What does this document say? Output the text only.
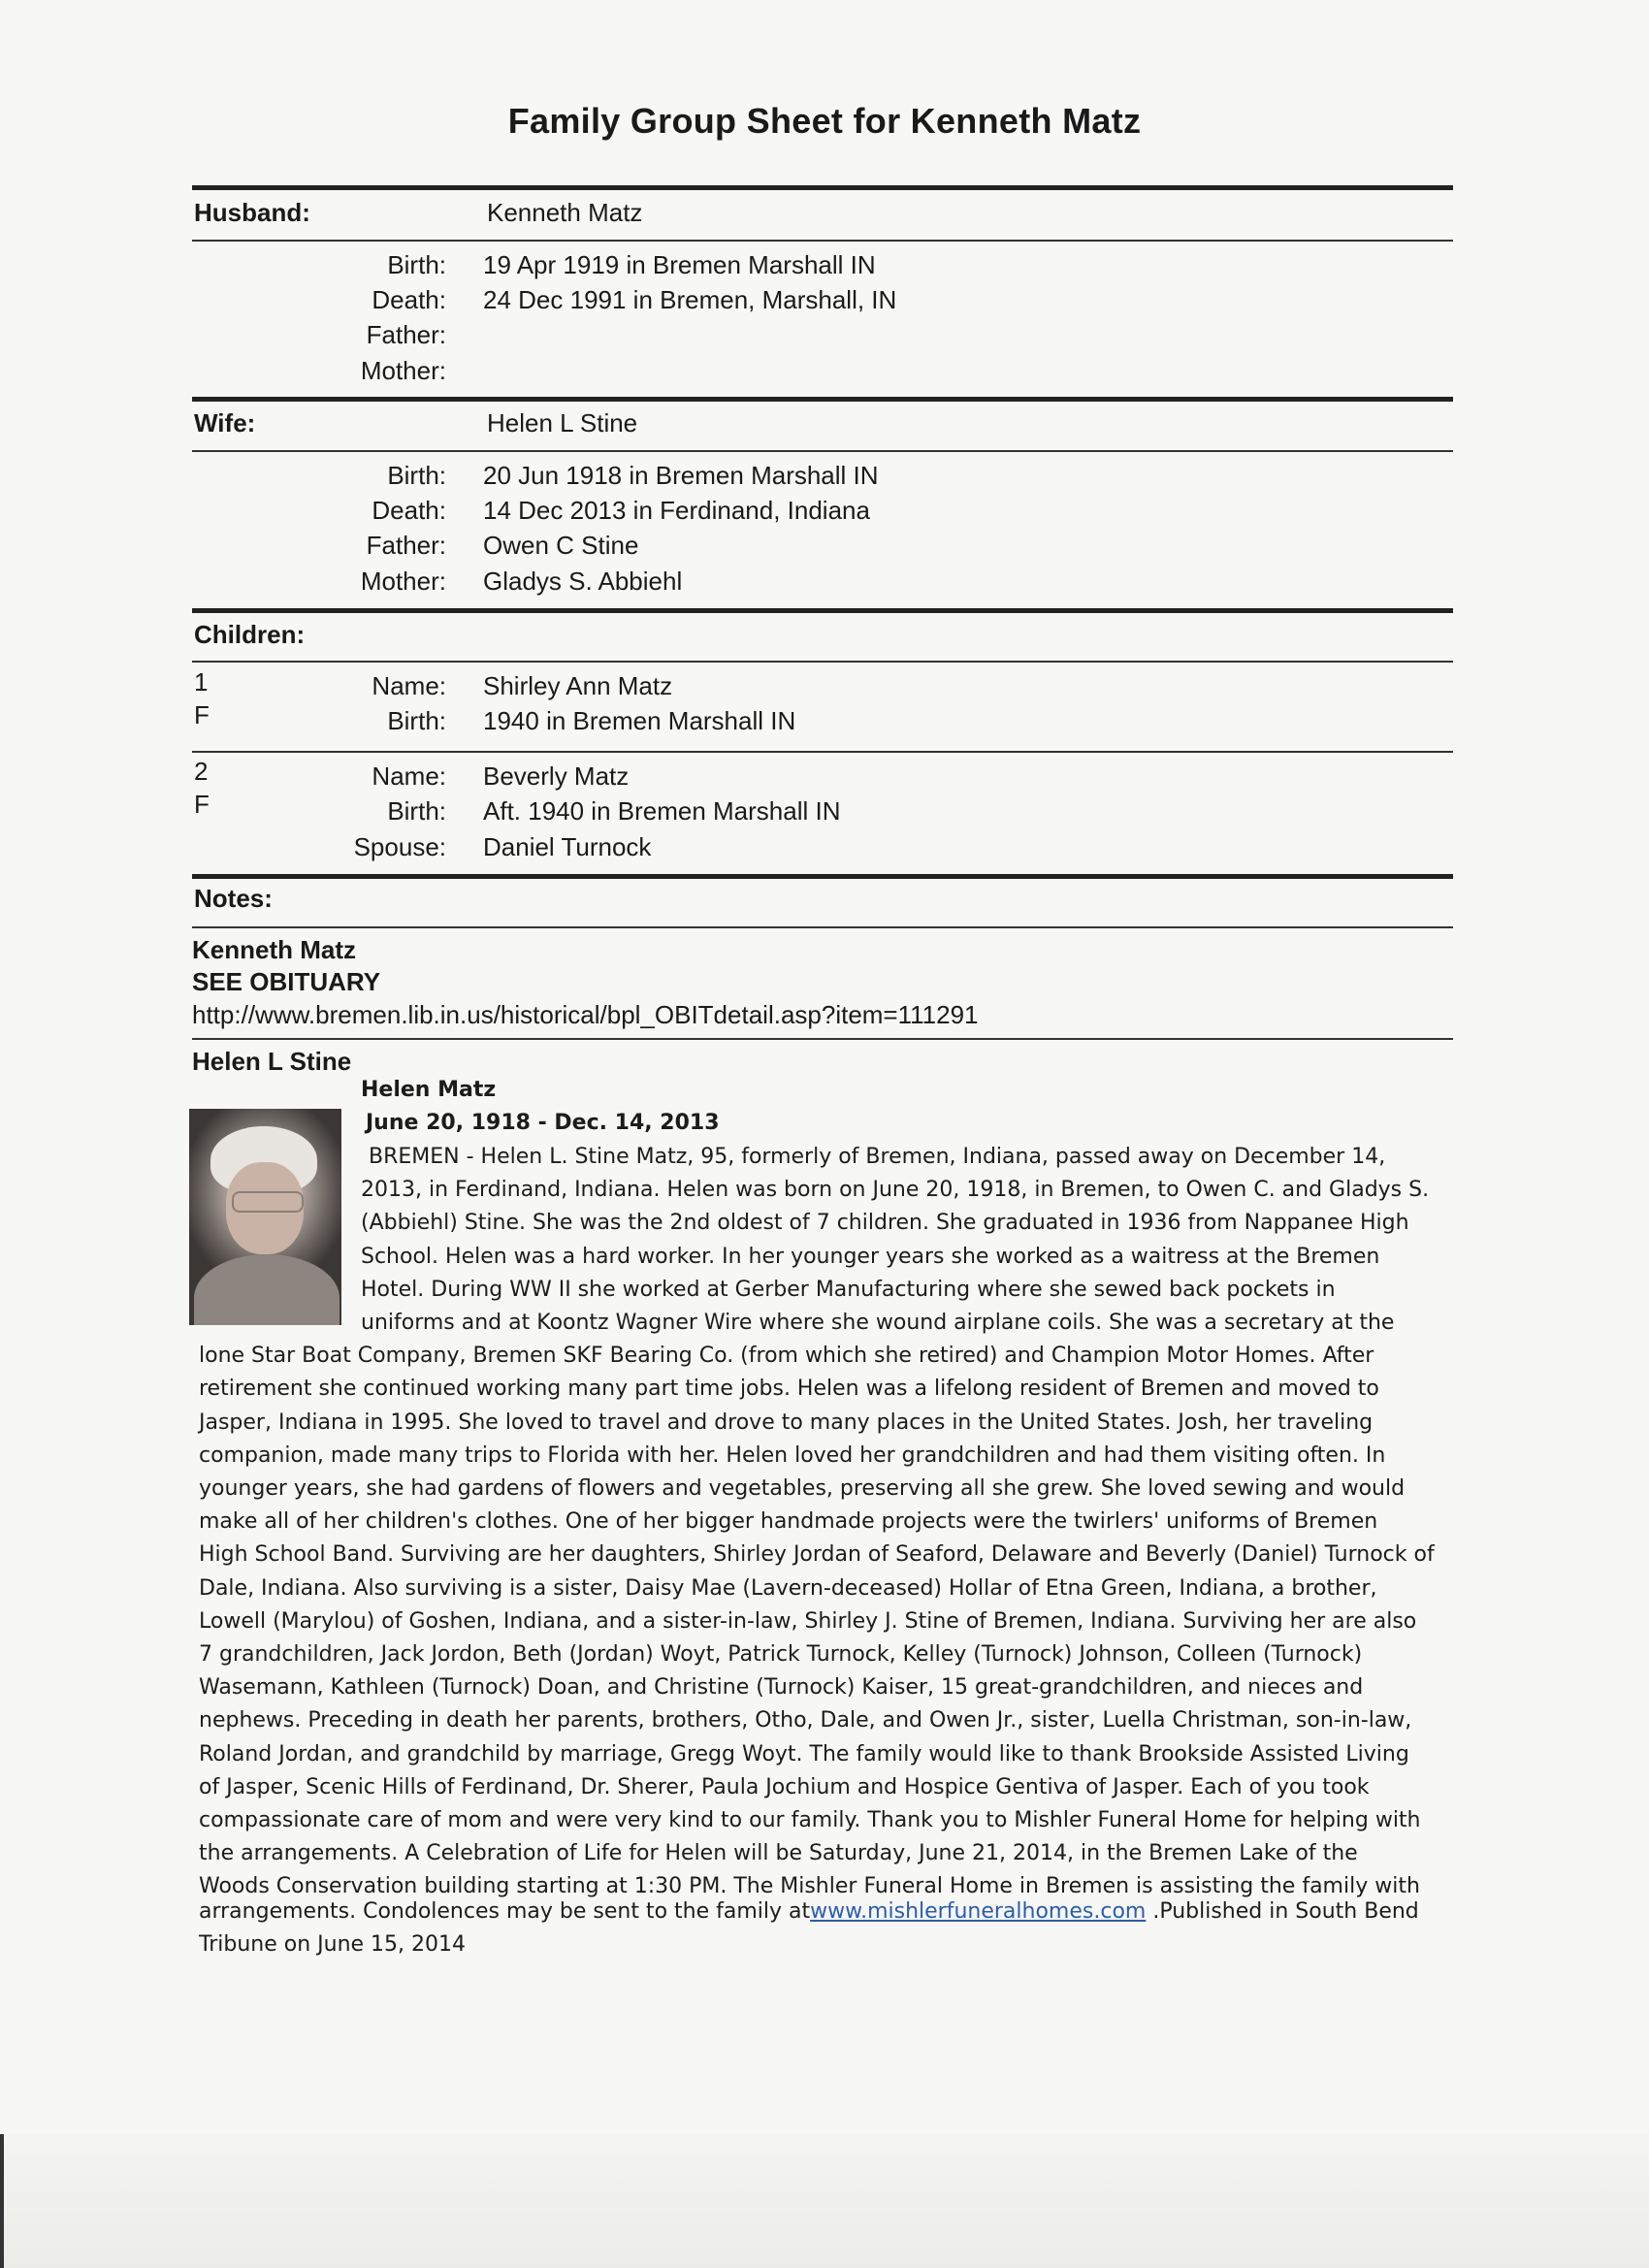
Family Group Sheet for Kenneth Matz
Husband:	Kenneth Matz
Birth: 19 Apr 1919 in Bremen Marshall IN
Death: 24 Dec 1991 in Bremen, Marshall, IN
Father:
Mother:
Wife:	Helen L Stine
Birth: 20 Jun 1918 in Bremen Marshall IN
Death: 14 Dec 2013 in Ferdinand, Indiana
Father: Owen C Stine
Mother: Gladys S. Abbiehl
Children:
1
F
Name: Shirley Ann Matz
Birth: 1940 in Bremen Marshall IN
2
F
Name: Beverly Matz
Birth: Aft. 1940 in Bremen Marshall IN
Spouse: Daniel Turnock
Notes:
Kenneth Matz
SEE OBITUARY
http://www.bremen.lib.in.us/historical/bpl_OBITdetail.asp?item=111291
Helen L Stine
Helen Matz
June 20, 1918 - Dec. 14, 2013
BREMEN - Helen L. Stine Matz, 95, formerly of Bremen, Indiana, passed away on December 14,
2013, in Ferdinand, Indiana. Helen was born on June 20, 1918, in Bremen, to Owen C. and Gladys S.
(Abbiehl) Stine. She was the 2nd oldest of 7 children. She graduated in 1936 from Nappanee High
School. Helen was a hard worker. In her younger years she worked as a waitress at the Bremen
Hotel. During WW II she worked at Gerber Manufacturing where she sewed back pockets in
uniforms and at Koontz Wagner Wire where she wound airplane coils. She was a secretary at the
lone Star Boat Company, Bremen SKF Bearing Co. (from which she retired) and Champion Motor Homes. After
retirement she continued working many part time jobs. Helen was a lifelong resident of Bremen and moved to
Jasper, Indiana in 1995. She loved to travel and drove to many places in the United States. Josh, her traveling
companion, made many trips to Florida with her. Helen loved her grandchildren and had them visiting often. In
younger years, she had gardens of flowers and vegetables, preserving all she grew. She loved sewing and would
make all of her children's clothes. One of her bigger handmade projects were the twirlers' uniforms of Bremen
High School Band. Surviving are her daughters, Shirley Jordan of Seaford, Delaware and Beverly (Daniel) Turnock of
Dale, Indiana. Also surviving is a sister, Daisy Mae (Lavern-deceased) Hollar of Etna Green, Indiana, a brother,
Lowell (Marylou) of Goshen, Indiana, and a sister-in-law, Shirley J. Stine of Bremen, Indiana. Surviving her are also
7 grandchildren, Jack Jordon, Beth (Jordan) Woyt, Patrick Turnock, Kelley (Turnock) Johnson, Colleen (Turnock)
Wasemann, Kathleen (Turnock) Doan, and Christine (Turnock) Kaiser, 15 great-grandchildren, and nieces and
nephews. Preceding in death her parents, brothers, Otho, Dale, and Owen Jr., sister, Luella Christman, son-in-law,
Roland Jordan, and grandchild by marriage, Gregg Woyt. The family would like to thank Brookside Assisted Living
of Jasper, Scenic Hills of Ferdinand, Dr. Sherer, Paula Jochium and Hospice Gentiva of Jasper. Each of you took
compassionate care of mom and were very kind to our family. Thank you to Mishler Funeral Home for helping with
the arrangements. A Celebration of Life for Helen will be Saturday, June 21, 2014, in the Bremen Lake of the
Woods Conservation building starting at 1:30 PM. The Mishler Funeral Home in Bremen is assisting the family with
arrangements. Condolences may be sent to the family atwww.mishlerfuneralhomes.com .Published in South Bend
Tribune on June 15, 2014
